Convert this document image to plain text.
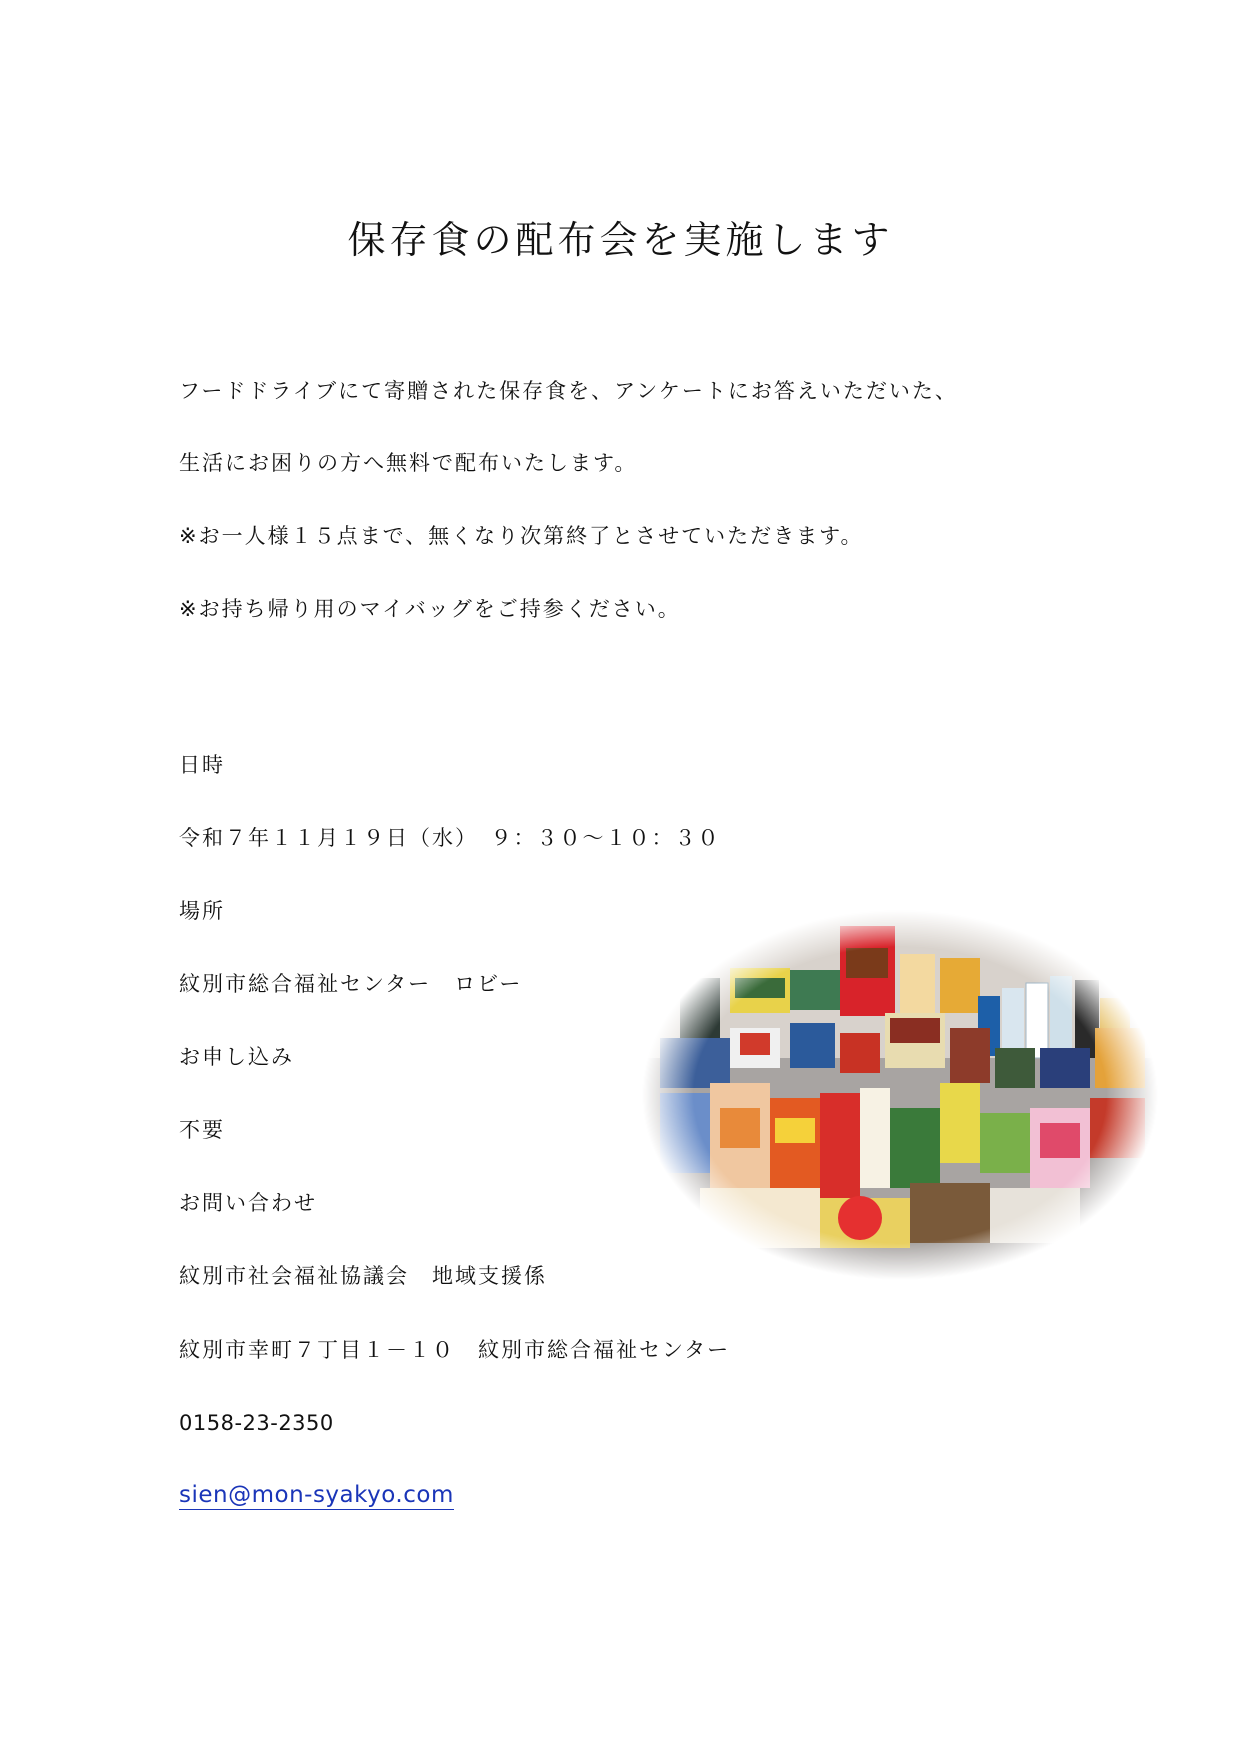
保存食の配布会を実施します
フードドライブにて寄贈された保存食を、アンケートにお答えいただいた、
生活にお困りの方へ無料で配布いたします。
※お一人様１５点まで、無くなり次第終了とさせていただきます。
※お持ち帰り用のマイバッグをご持参ください。
日時
令和７年１１月１９日（水）　９：３０～１０：３０
場所
紋別市総合福祉センター　ロビー
お申し込み
不要
お問い合わせ
紋別市社会福祉協議会　地域支援係
紋別市幸町７丁目１－１０　紋別市総合福祉センター
0158-23-2350
sien@mon-syakyo.com
